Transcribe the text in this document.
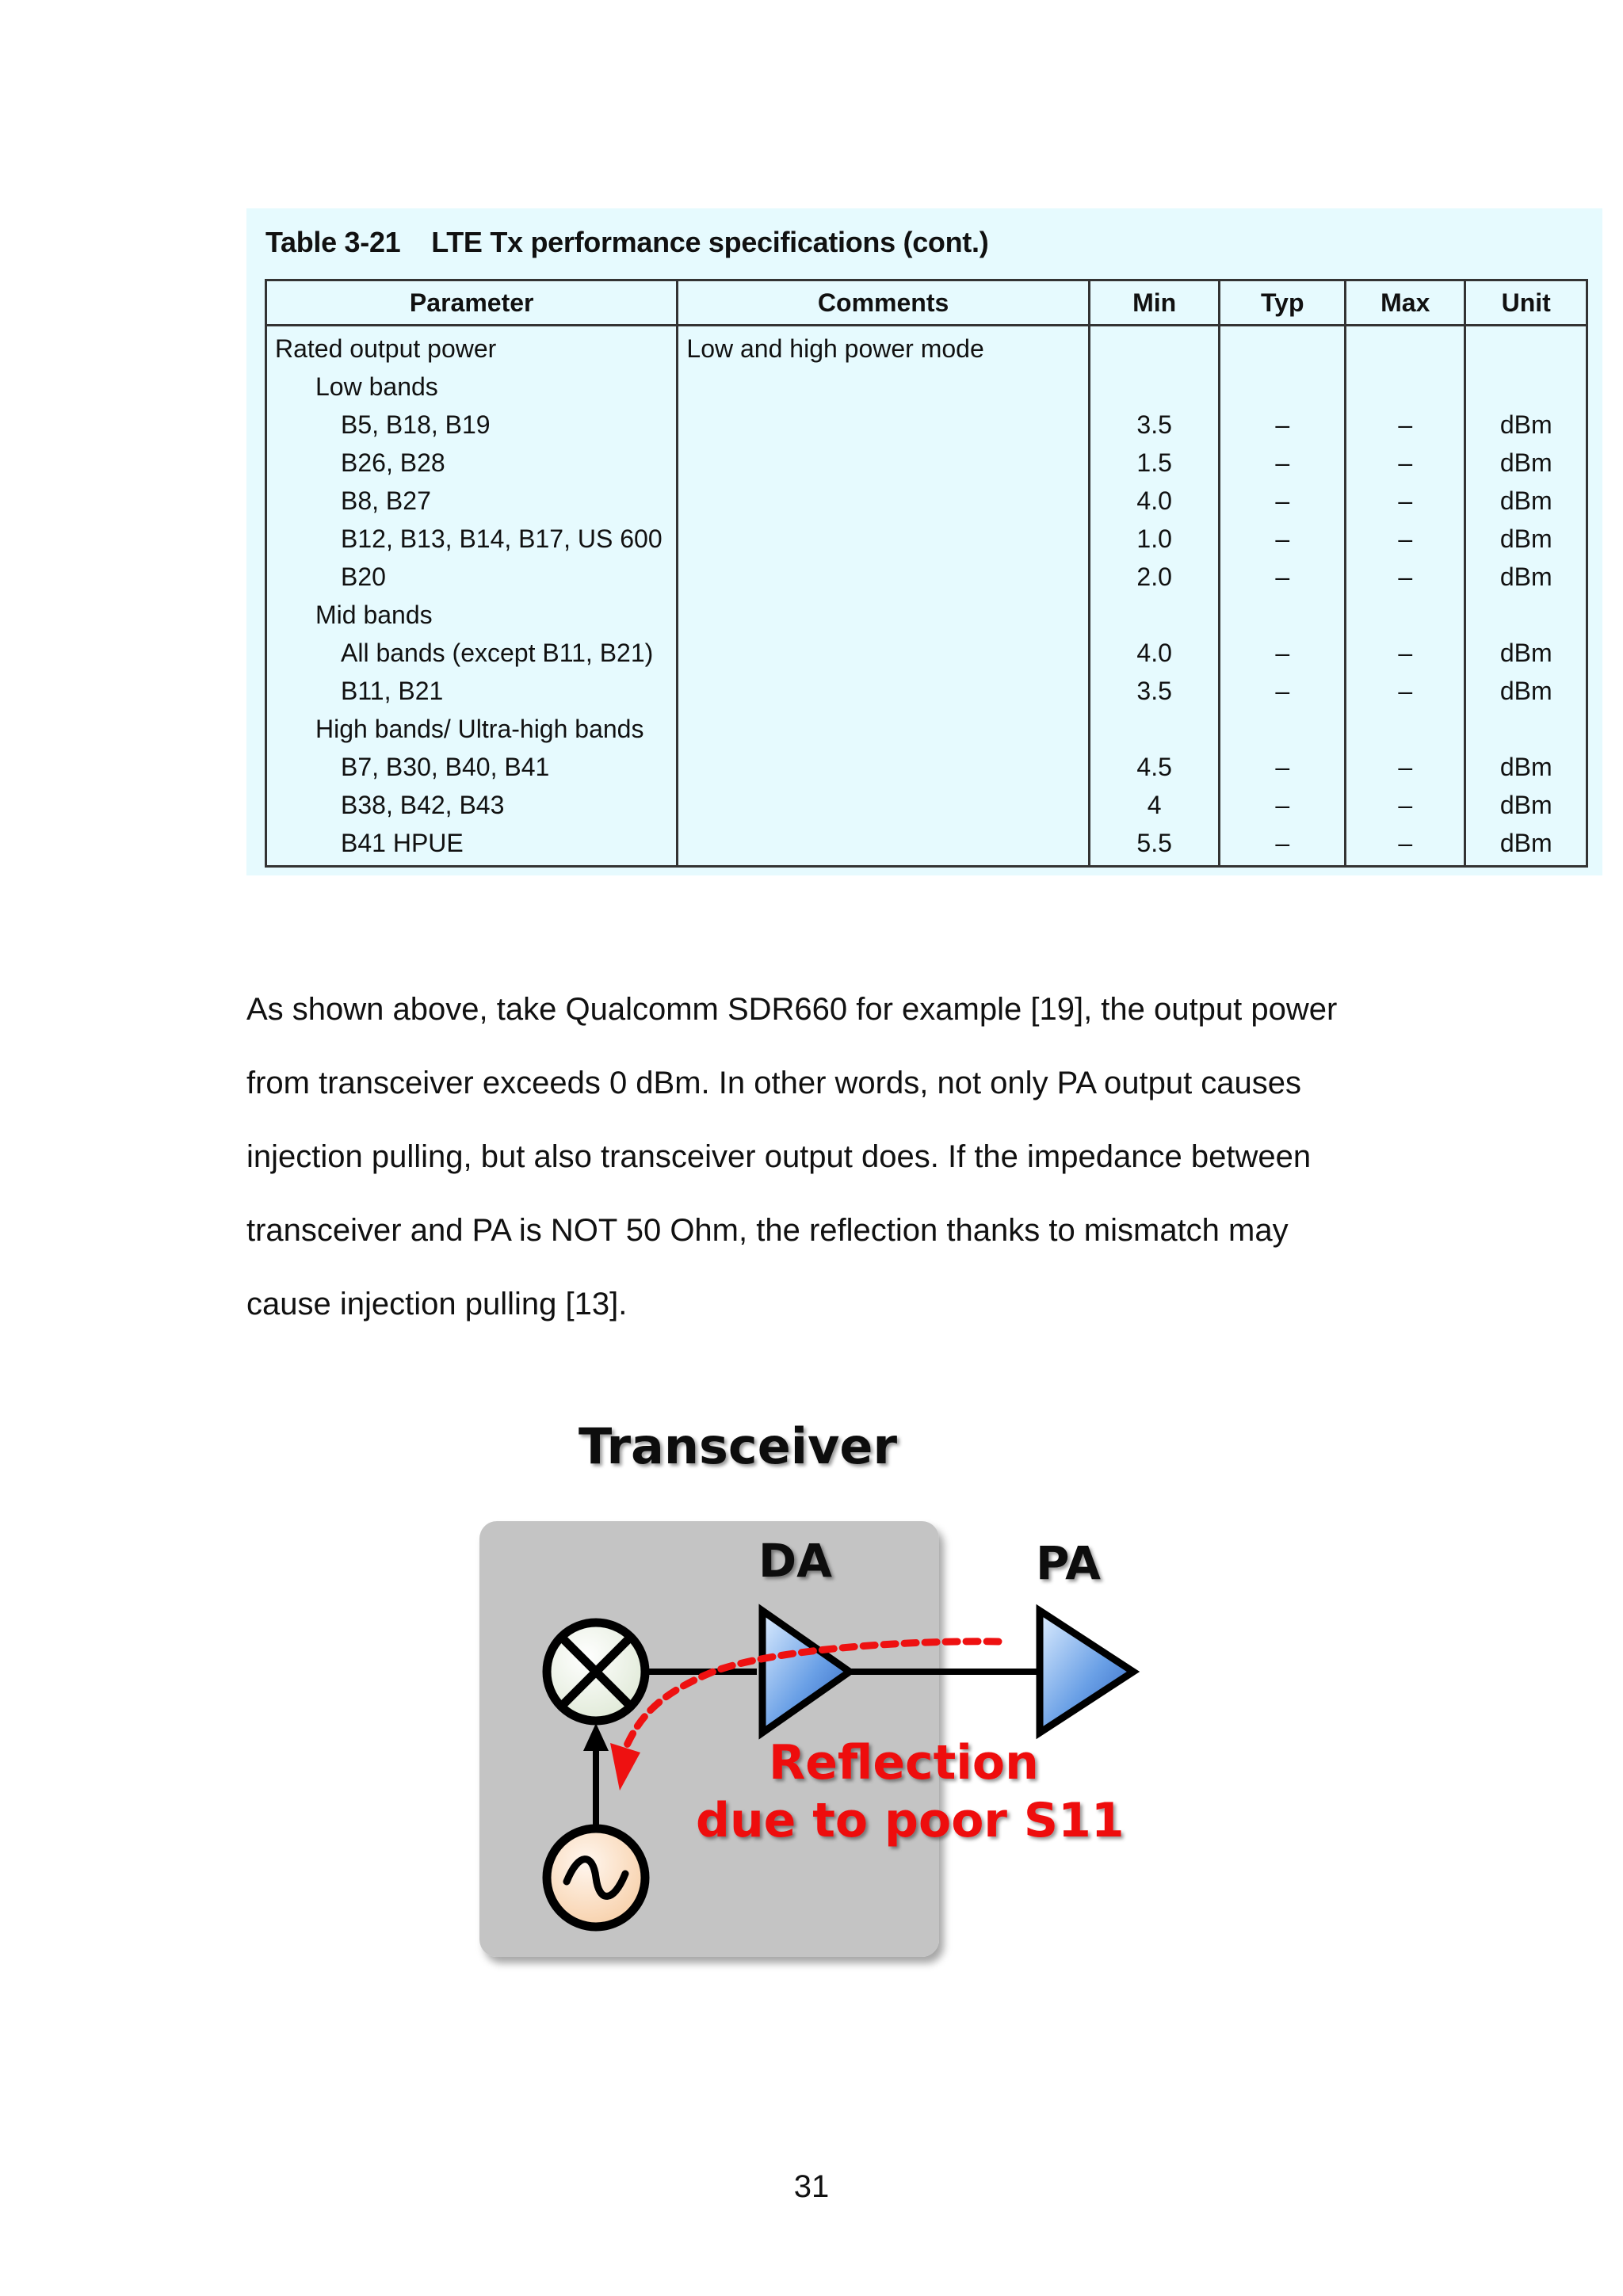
Table 3-21    LTE Tx performance specifications (cont.)
Parameter	Comments	Min	Typ	Max	Unit
Rated output power	Low and high power mode				
Low bands					
B5, B18, B19		3.5	–	–	dBm
B26, B28		1.5	–	–	dBm
B8, B27		4.0	–	–	dBm
B12, B13, B14, B17, US 600		1.0	–	–	dBm
B20		2.0	–	–	dBm
Mid bands					
All bands (except B11, B21)		4.0	–	–	dBm
B11, B21		3.5	–	–	dBm
High bands/ Ultra-high bands					
B7, B30, B40, B41		4.5	–	–	dBm
B38, B42, B43		4	–	–	dBm
B41 HPUE		5.5	–	–	dBm
As shown above, take Qualcomm SDR660 for example [19], the output power
from transceiver exceeds 0 dBm. In other words, not only PA output causes
injection pulling, but also transceiver output does. If the impedance between
transceiver and PA is NOT 50 Ohm, the reflection thanks to mismatch may
cause injection pulling [13].
Transceiver
DA	PA
Reflection
due to poor S11
31
